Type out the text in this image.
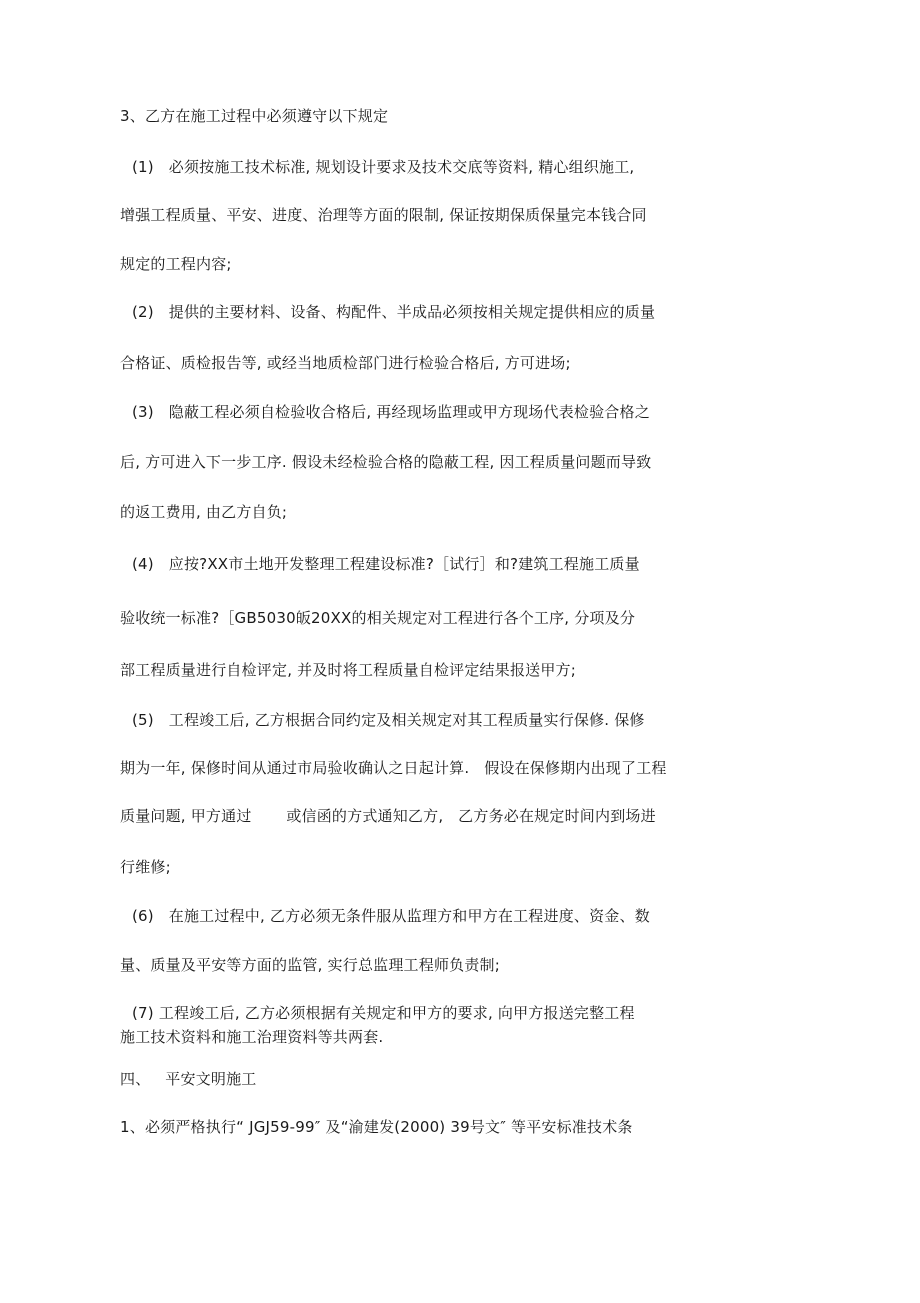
3、乙方在施工过程中必须遵守以下规定
(1)   必须按施工技术标准, 规划设计要求及技术交底等资料, 精心组织施工,
增强工程质量、平安、进度、治理等方面的限制, 保证按期保质保量完本钱合同
规定的工程内容;
(2)   提供的主要材料、设备、构配件、半成品必须按相关规定提供相应的质量
合格证、质检报告等, 或经当地质检部门进行检验合格后, 方可进场;
(3)   隐蔽工程必须自检验收合格后, 再经现场监理或甲方现场代表检验合格之
后, 方可进入下一步工序. 假设未经检验合格的隐蔽工程, 因工程质量问题而导致
的返工费用, 由乙方自负;
(4)   应按?XX市土地开发整理工程建设标准?［试行］和?建筑工程施工质量
验收统一标准?［GB5030皈20XX的相关规定对工程进行各个工序, 分项及分
部工程质量进行自检评定, 并及时将工程质量自检评定结果报送甲方;
(5)   工程竣工后, 乙方根据合同约定及相关规定对其工程质量实行保修. 保修
期为一年, 保修时间从通过市局验收确认之日起计算.   假设在保修期内出现了工程
质量问题, 甲方通过       或信函的方式通知乙方,   乙方务必在规定时间内到场进
行维修;
(6)   在施工过程中, 乙方必须无条件服从监理方和甲方在工程进度、资金、数
量、质量及平安等方面的监管, 实行总监理工程师负责制;
(7) 工程竣工后, 乙方必须根据有关规定和甲方的要求, 向甲方报送完整工程
施工技术资料和施工治理资料等共两套.
四、   平安文明施工
1、必须严格执行“ JGJ59-99″ 及“渝建发(2000) 39号文″ 等平安标准技术条
